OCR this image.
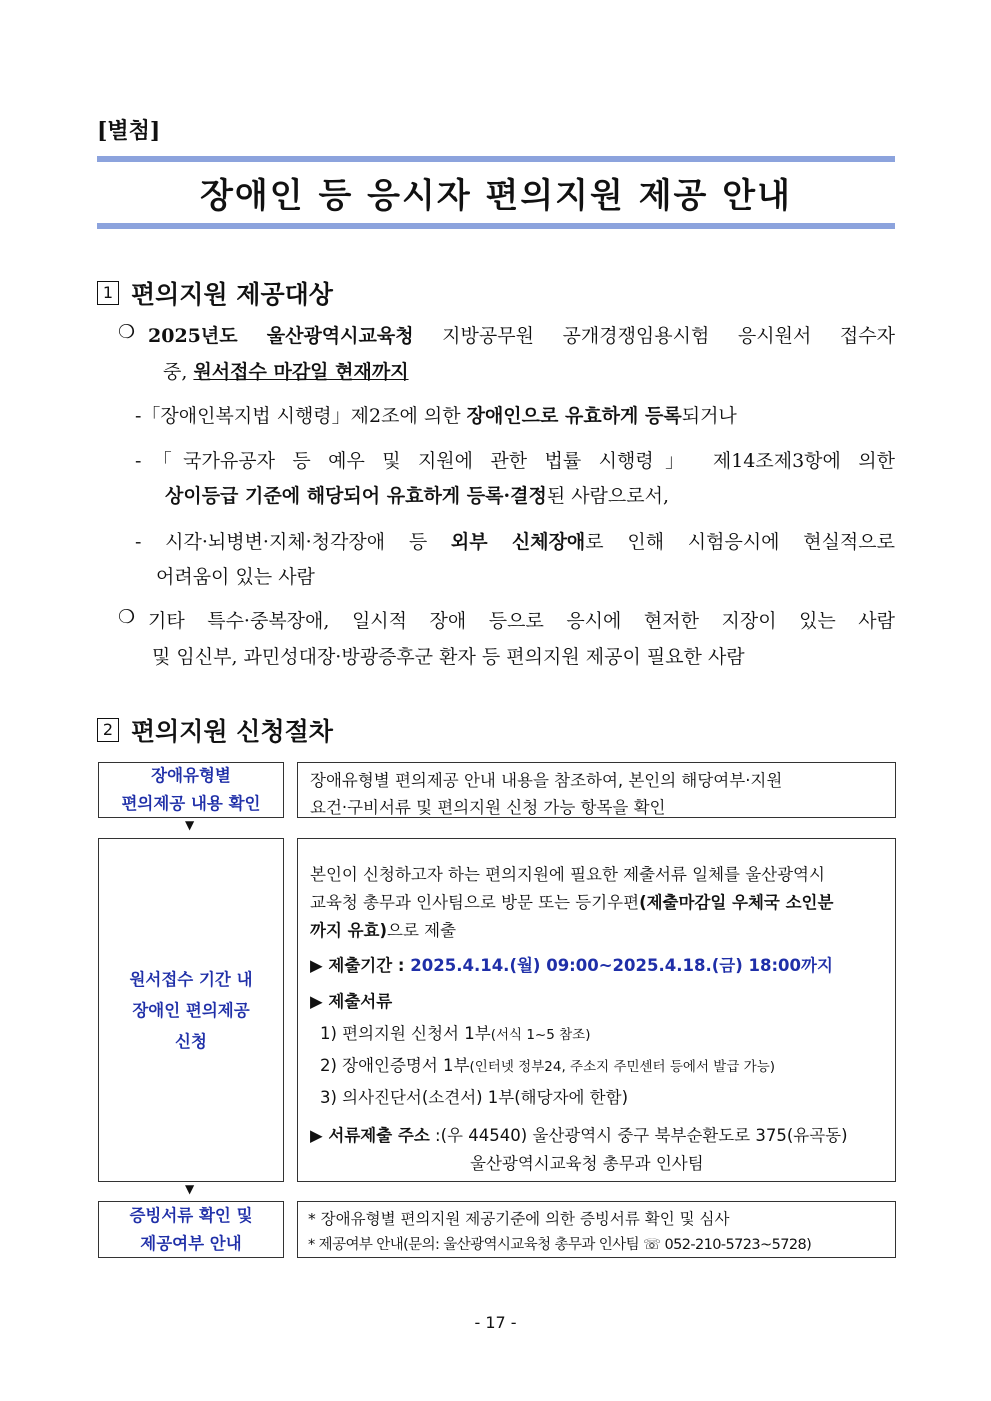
[별첨]
장애인 등 응시자 편의지원 제공 안내
1 편의지원 제공대상
❍ 2025년도 울산광역시교육청 지방공무원 공개경쟁임용시험 응시원서 접수자
중, 원서접수 마감일 현재까지
-「장애인복지법 시행령」제2조에 의한 장애인으로 유효하게 등록되거나
-「국가유공자 등 예우 및 지원에 관한 법률 시행령」 제14조제3항에 의한
상이등급 기준에 해당되어 유효하게 등록·결정된 사람으로서,
- 시각·뇌병변·지체·청각장애 등 외부 신체장애로 인해 시험응시에 현실적으로
어려움이 있는 사람
❍ 기타 특수·중복장애, 일시적 장애 등으로 응시에 현저한 지장이 있는 사람
및 임신부, 과민성대장·방광증후군 환자 등 편의지원 제공이 필요한 사람
2 편의지원 신청절차
장애유형별
편의제공 내용 확인
장애유형별 편의제공 안내 내용을 참조하여, 본인의 해당여부·지원
요건·구비서류 및 편의지원 신청 가능 항목을 확인
▼
원서접수 기간 내
장애인 편의제공
신청
본인이 신청하고자 하는 편의지원에 필요한 제출서류 일체를 울산광역시
교육청 총무과 인사팀으로 방문 또는 등기우편(제출마감일 우체국 소인분
까지 유효)으로 제출
▶ 제출기간 : 2025.4.14.(월) 09:00~2025.4.18.(금) 18:00까지
▶ 제출서류
1) 편의지원 신청서 1부(서식 1~5 참조)
2) 장애인증명서 1부(인터넷 정부24, 주소지 주민센터 등에서 발급 가능)
3) 의사진단서(소견서) 1부(해당자에 한함)
▶ 서류제출 주소 :(우 44540) 울산광역시 중구 북부순환도로 375(유곡동)
울산광역시교육청 총무과 인사팀
▼
증빙서류 확인 및
제공여부 안내
* 장애유형별 편의지원 제공기준에 의한 증빙서류 확인 및 심사
* 제공여부 안내(문의: 울산광역시교육청 총무과 인사팀 ☏ 052-210-5723~5728)
- 17 -
